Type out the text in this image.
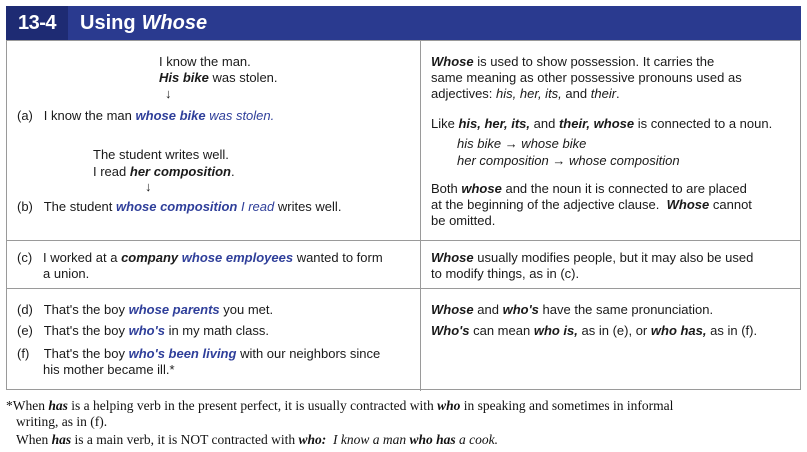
13-4	Using Whose
I know the man.
His bike was stolen.
↓
(a) I know the man whose bike was stolen.
The student writes well.
I read her composition.
↓
(b) The student whose composition I read writes well.
Whose is used to show possession. It carries the
same meaning as other possessive pronouns used as
adjectives: his, her, its, and their.
Like his, her, its, and their, whose is connected to a noun.
his bike → whose bike
her composition → whose composition
Both whose and the noun it is connected to are placed
at the beginning of the adjective clause. Whose cannot
be omitted.
(c) I worked at a company whose employees wanted to form
a union.
Whose usually modifies people, but it may also be used
to modify things, as in (c).
(d) That's the boy whose parents you met.
(e) That's the boy who's in my math class.
(f) That's the boy who's been living with our neighbors since
his mother became ill.*
Whose and who's have the same pronunciation.
Who's can mean who is, as in (e), or who has, as in (f).
*When has is a helping verb in the present perfect, it is usually contracted with who in speaking and sometimes in informal
writing, as in (f).
When has is a main verb, it is NOT contracted with who: I know a man who has a cook.
